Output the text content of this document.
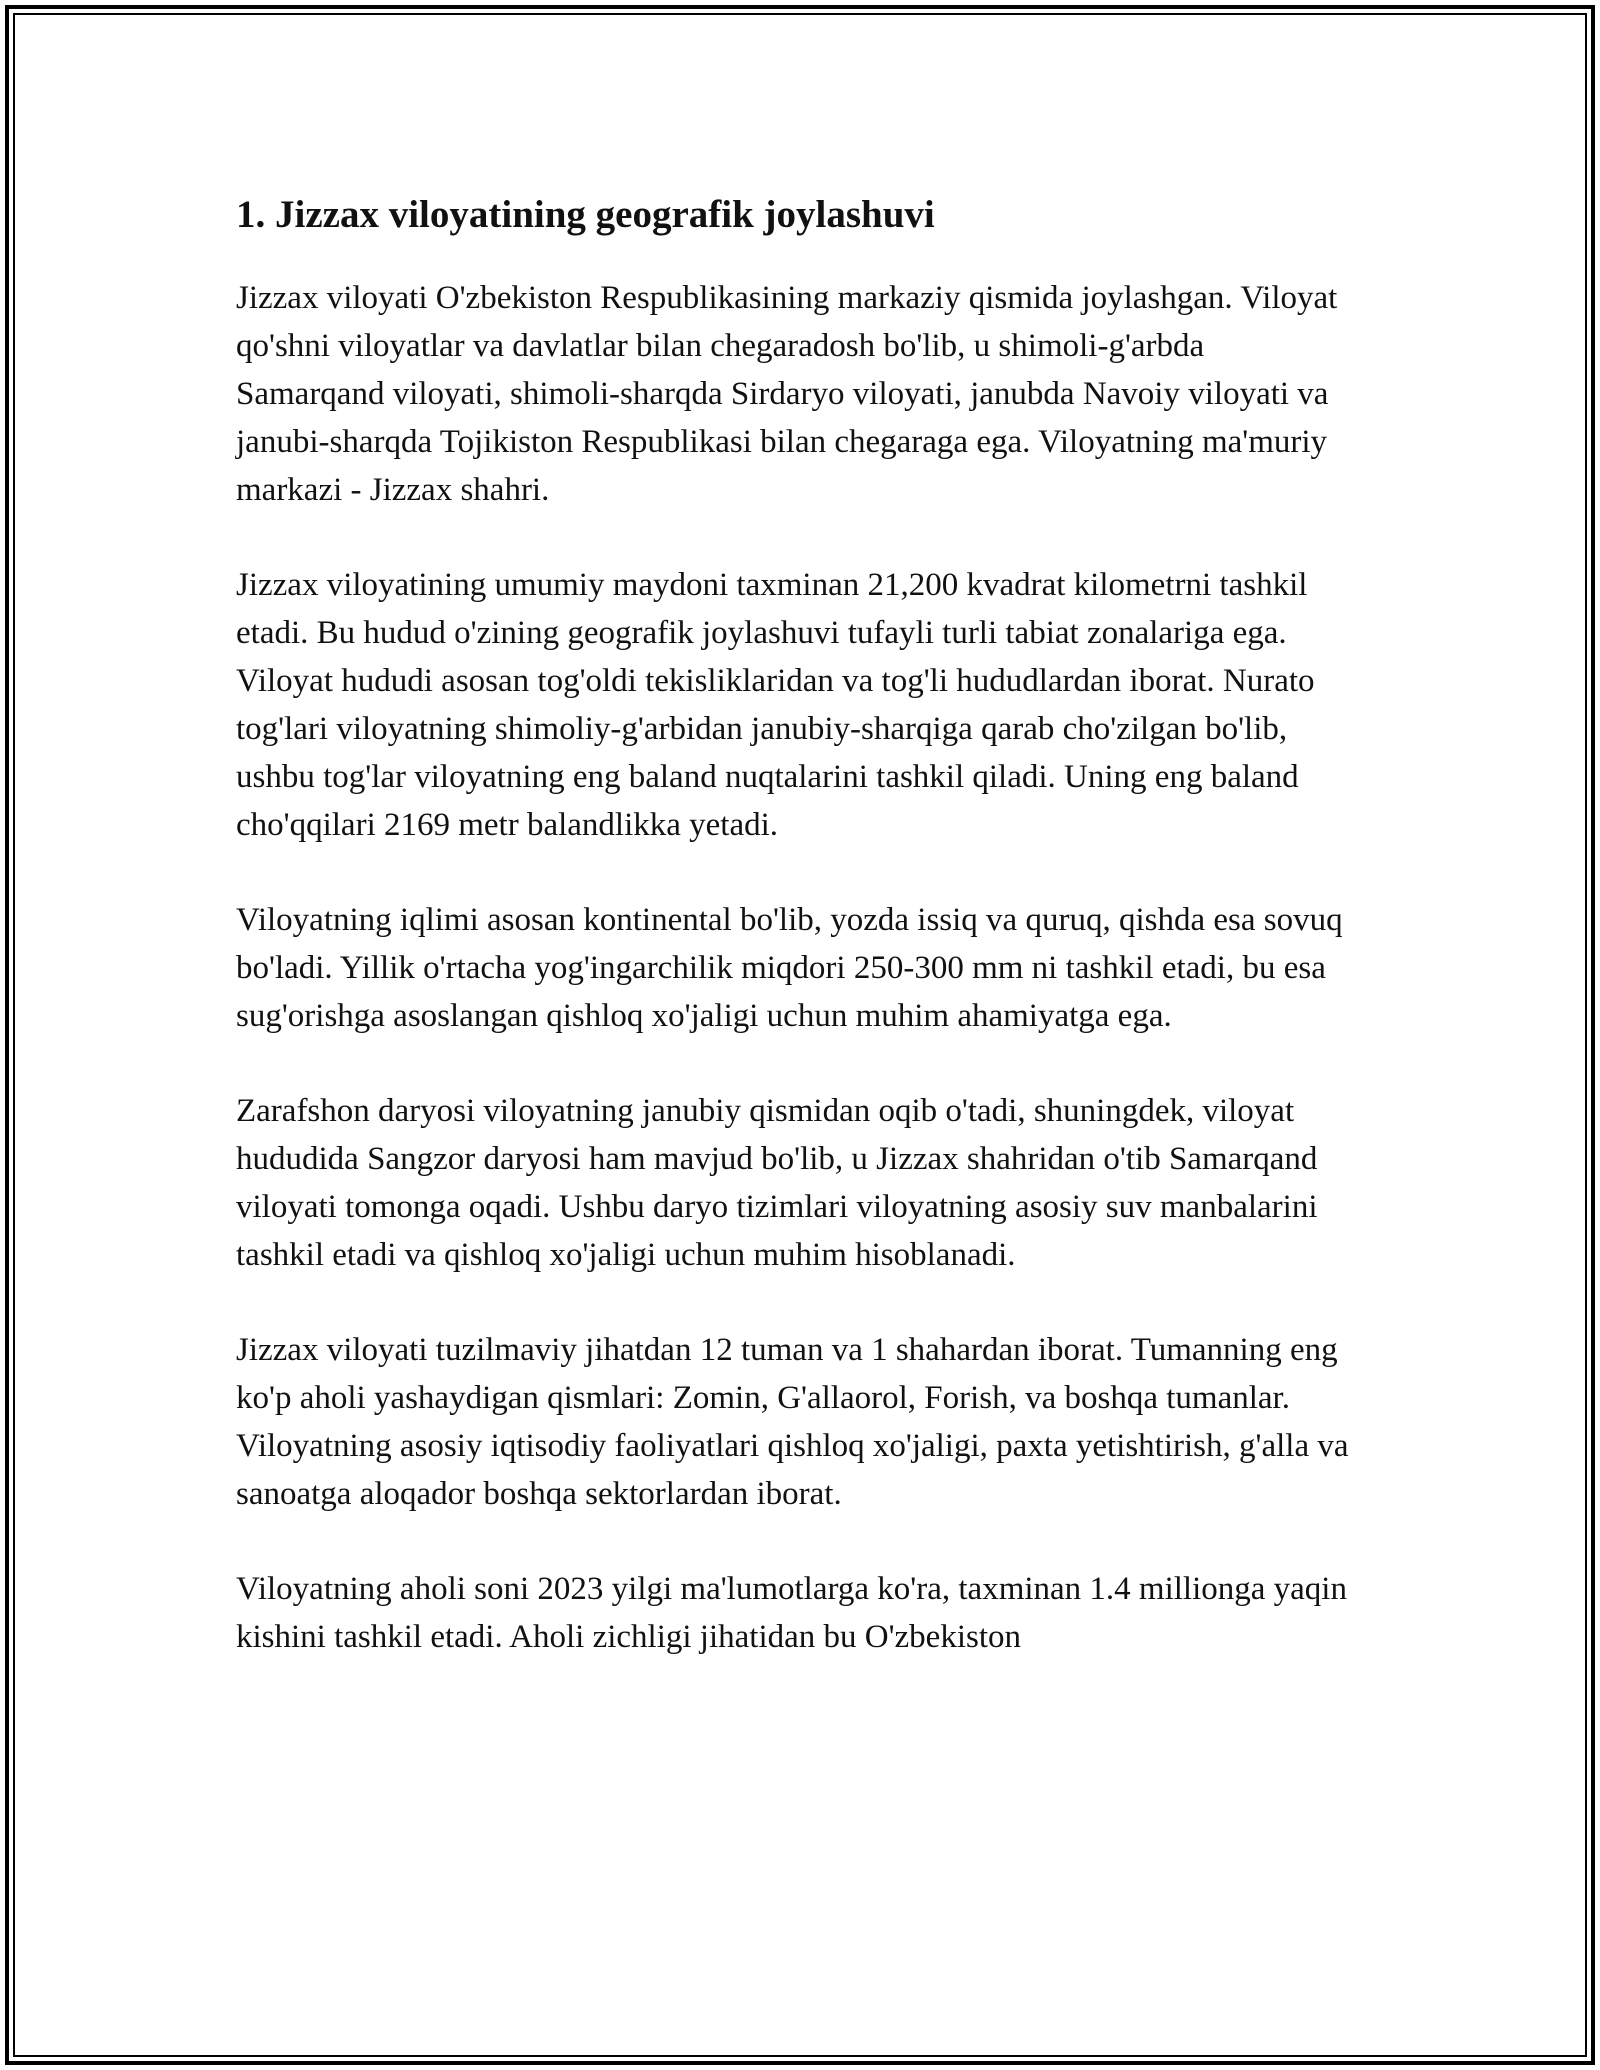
1. Jizzax viloyatining geografik joylashuvi

Jizzax viloyati O'zbekiston Respublikasining markaziy qismida joylashgan. Viloyat qo'shni viloyatlar va davlatlar bilan chegaradosh bo'lib, u shimoli-g'arbda Samarqand viloyati, shimoli-sharqda Sirdaryo viloyati, janubda Navoiy viloyati va janubi-sharqda Tojikiston Respublikasi bilan chegaraga ega. Viloyatning ma'muriy markazi - Jizzax shahri.

Jizzax viloyatining umumiy maydoni taxminan 21,200 kvadrat kilometrni tashkil etadi. Bu hudud o'zining geografik joylashuvi tufayli turli tabiat zonalariga ega. Viloyat hududi asosan tog'oldi tekisliklaridan va tog'li hududlardan iborat. Nurato tog'lari viloyatning shimoliy-g'arbidan janubiy-sharqiga qarab cho'zilgan bo'lib, ushbu tog'lar viloyatning eng baland nuqtalarini tashkil qiladi. Uning eng baland cho'qqilari 2169 metr balandlikka yetadi.

Viloyatning iqlimi asosan kontinental bo'lib, yozda issiq va quruq, qishda esa sovuq bo'ladi. Yillik o'rtacha yog'ingarchilik miqdori 250-300 mm ni tashkil etadi, bu esa sug'orishga asoslangan qishloq xo'jaligi uchun muhim ahamiyatga ega.

Zarafshon daryosi viloyatning janubiy qismidan oqib o'tadi, shuningdek, viloyat hududida Sangzor daryosi ham mavjud bo'lib, u Jizzax shahridan o'tib Samarqand viloyati tomonga oqadi. Ushbu daryo tizimlari viloyatning asosiy suv manbalarini tashkil etadi va qishloq xo'jaligi uchun muhim hisoblanadi.

Jizzax viloyati tuzilmaviy jihatdan 12 tuman va 1 shahardan iborat. Tumanning eng ko'p aholi yashaydigan qismlari: Zomin, G'allaorol, Forish, va boshqa tumanlar. Viloyatning asosiy iqtisodiy faoliyatlari qishloq xo'jaligi, paxta yetishtirish, g'alla va sanoatga aloqador boshqa sektorlardan iborat.

Viloyatning aholi soni 2023 yilgi ma'lumotlarga ko'ra, taxminan 1.4 millionga yaqin kishini tashkil etadi. Aholi zichligi jihatidan bu O'zbekiston
